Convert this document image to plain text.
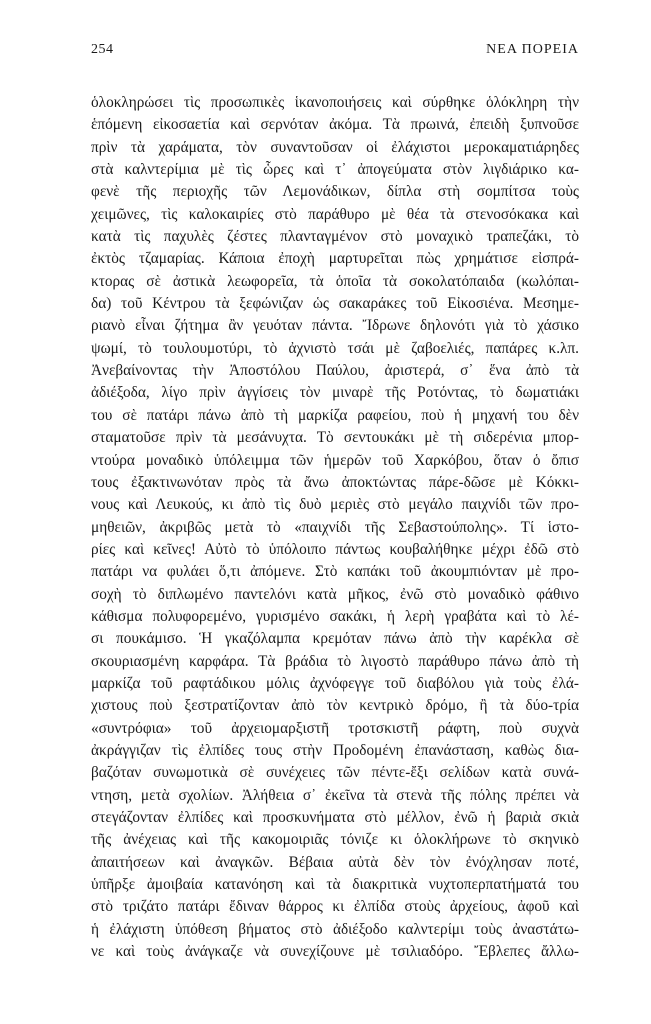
254	ΝΕΑ ΠΟΡΕΙΑ
ὁλοκληρώσει τὶς προσωπικὲς ἱκανοποιήσεις καὶ σύρθηκε ὁλόκληρη τὴν
ἑπόμενη εἰκοσαετία καὶ σερνόταν ἀκόμα. Τὰ πρωινά, ἐπειδὴ ξυπνοῦσε
πρὶν τὰ χαράματα, τὸν συναντοῦσαν οἱ ἐλάχιστοι μεροκαματιάρηδες
στὰ καλντερίμια μὲ τὶς ὧρες καὶ τ᾿ ἀπογεύματα στὸν λιγδιάρικο κα-
φενὲ τῆς περιοχῆς τῶν Λεμονάδικων, δίπλα στὴ σομπίτσα τοὺς
χειμῶνες, τὶς καλοκαιρίες στὸ παράθυρο μὲ θέα τὰ στενοσόκακα καὶ
κατὰ τὶς παχυλὲς ζέστες πλανταγμένον στὸ μοναχικὸ τραπεζάκι, τὸ
ἐκτὸς τζαμαρίας. Κάποια ἐποχὴ μαρτυρεῖται πὼς χρημάτισε εἰσπρά-
κτορας σὲ ἀστικὰ λεωφορεῖα, τὰ ὁποῖα τὰ σοκολατόπαιδα (κωλόπαι-
δα) τοῦ Κέντρου τὰ ξεφώνιζαν ὡς σακαράκες τοῦ Εἰκοσιένα. Μεσημε-
ριανὸ εἶναι ζήτημα ἂν γευόταν πάντα. Ἴδρωνε δηλονότι γιὰ τὸ χάσικο
ψωμί, τὸ τουλουμοτύρι, τὸ ἀχνιστὸ τσάι μὲ ζαβοελιές, παπάρες κ.λπ.
Ἀνεβαίνοντας τὴν Ἀποστόλου Παύλου, ἀριστερά, σ᾿ ἕνα ἀπὸ τὰ
ἀδιέξοδα, λίγο πρὶν ἀγγίσεις τὸν μιναρὲ τῆς Ροτόντας, τὸ δωματιάκι
του σὲ πατάρι πάνω ἀπὸ τὴ μαρκίζα ραφείου, ποὺ ἡ μηχανή του δὲν
σταματοῦσε πρὶν τὰ μεσάνυχτα. Τὸ σεντουκάκι μὲ τὴ σιδερένια μπορ-
ντούρα μοναδικὸ ὑπόλειμμα τῶν ἡμερῶν τοῦ Χαρκόβου, ὅταν ὁ ὄπισ
τους ἐξακτινωνόταν πρὸς τὰ ἄνω ἀποκτώντας πάρε-δῶσε μὲ Κόκκι-
νους καὶ Λευκούς, κι ἀπὸ τὶς δυὸ μεριὲς στὸ μεγάλο παιχνίδι τῶν προ-
μηθειῶν, ἀκριβῶς μετὰ τὸ «παιχνίδι τῆς Σεβαστούπολης». Τί ἱστο-
ρίες καὶ κεῖνες! Αὐτὸ τὸ ὑπόλοιπο πάντως κουβαλήθηκε μέχρι ἐδῶ στὸ
πατάρι να φυλάει ὅ,τι ἀπόμενε. Στὸ καπάκι τοῦ ἀκουμπιόνταν μὲ προ-
σοχὴ τὸ διπλωμένο παντελόνι κατὰ μῆκος, ἐνῶ στὸ μοναδικὸ φάθινο
κάθισμα πολυφορεμένο, γυρισμένο σακάκι, ἡ λερὴ γραβάτα καὶ τὸ λέ-
σι πουκάμισο. Ἡ γκαζόλαμπα κρεμόταν πάνω ἀπὸ τὴν καρέκλα σὲ
σκουριασμένη καρφάρα. Τὰ βράδια τὸ λιγοστὸ παράθυρο πάνω ἀπὸ τὴ
μαρκίζα τοῦ ραφτάδικου μόλις ἀχνόφεγγε τοῦ διαβόλου γιὰ τοὺς ἐλά-
χιστους ποὺ ξεστρατίζονταν ἀπὸ τὸν κεντρικὸ δρόμο, ἢ τὰ δύο-τρία
«συντρόφια» τοῦ ἀρχειομαρξιστῆ τροτσκιστῆ ράφτη, ποὺ συχνὰ
ἀκράγγιζαν τὶς ἐλπίδες τους στὴν Προδομένη ἐπανάσταση, καθὼς δια-
βαζόταν συνωμοτικὰ σὲ συνέχειες τῶν πέντε-ἔξι σελίδων κατὰ συνά-
ντηση, μετὰ σχολίων. Ἀλήθεια σ᾿ ἐκεῖνα τὰ στενὰ τῆς πόλης πρέπει νὰ
στεγάζονταν ἐλπίδες καὶ προσκυνήματα στὸ μέλλον, ἐνῶ ἡ βαριὰ σκιὰ
τῆς ἀνέχειας καὶ τῆς κακομοιριᾶς τόνιζε κι ὁλοκλήρωνε τὸ σκηνικὸ
ἀπαιτήσεων καὶ ἀναγκῶν. Βέβαια αὐτὰ δὲν τὸν ἐνόχλησαν ποτέ,
ὑπῆρξε ἀμοιβαία κατανόηση καὶ τὰ διακριτικὰ νυχτοπερπατήματά του
στὸ τριζάτο πατάρι ἔδιναν θάρρος κι ἐλπίδα στοὺς ἀρχείους, ἀφοῦ καὶ
ἡ ἐλάχιστη ὑπόθεση βήματος στὸ ἀδιέξοδο καλντερίμι τοὺς ἀναστάτω-
νε καὶ τοὺς ἀνάγκαζε νὰ συνεχίζουνε μὲ τσιλιαδόρο. Ἔβλεπες ἄλλω-
